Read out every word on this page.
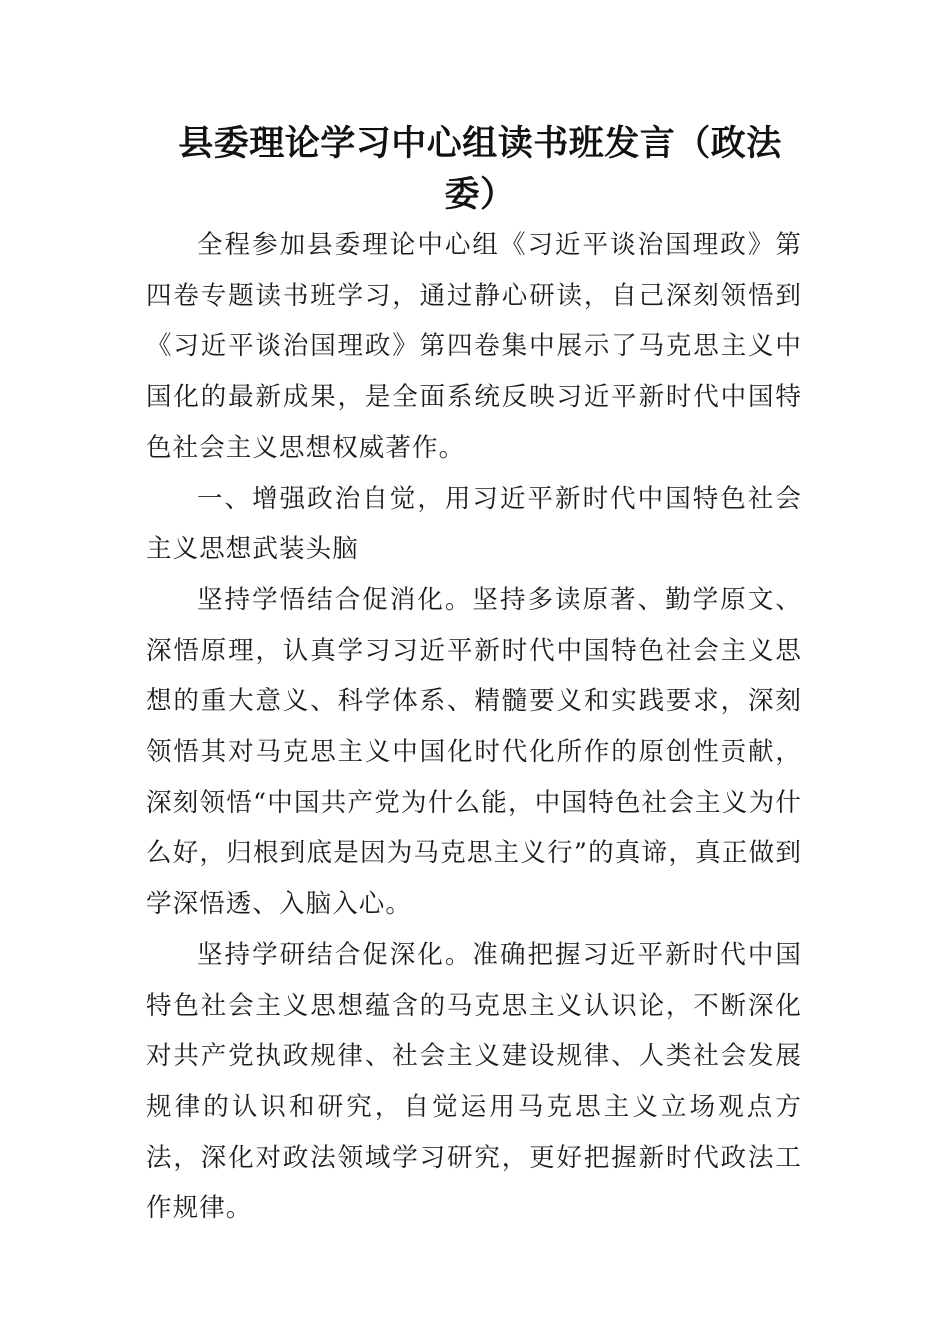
县委理论学习中心组读书班发言（政法委）

全程参加县委理论中心组《习近平谈治国理政》第四卷专题读书班学习，通过静心研读，自己深刻领悟到《习近平谈治国理政》第四卷集中展示了马克思主义中国化的最新成果，是全面系统反映习近平新时代中国特色社会主义思想权威著作。

一、增强政治自觉，用习近平新时代中国特色社会主义思想武装头脑

坚持学悟结合促消化。坚持多读原著、勤学原文、深悟原理，认真学习习近平新时代中国特色社会主义思想的重大意义、科学体系、精髓要义和实践要求，深刻领悟其对马克思主义中国化时代化所作的原创性贡献，深刻领悟“中国共产党为什么能，中国特色社会主义为什么好，归根到底是因为马克思主义行”的真谛，真正做到学深悟透、入脑入心。

坚持学研结合促深化。准确把握习近平新时代中国特色社会主义思想蕴含的马克思主义认识论，不断深化对共产党执政规律、社会主义建设规律、人类社会发展规律的认识和研究，自觉运用马克思主义立场观点方法，深化对政法领域学习研究，更好把握新时代政法工作规律。
